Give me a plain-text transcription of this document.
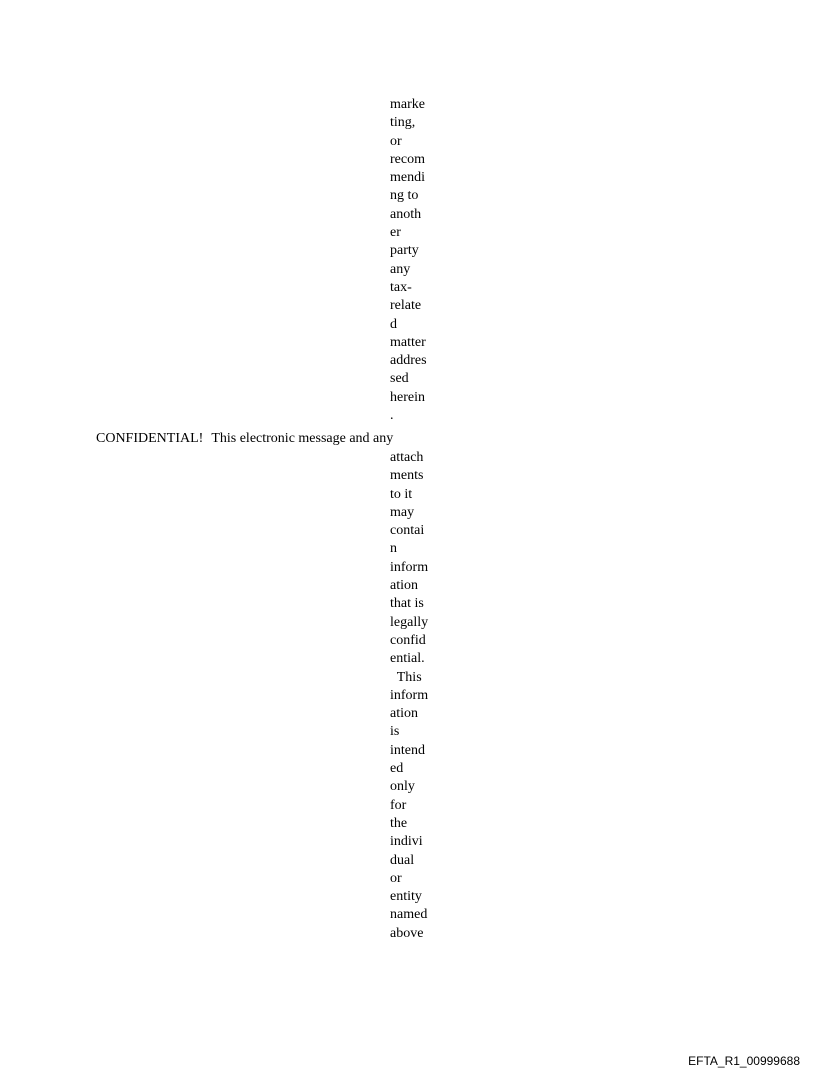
marke
ting,
or
recom
mendi
ng to
anoth
er
party
any
tax-
relate
d
matter
addres
sed
herein
.
CONFIDENTIAL! This electronic message and any
attach
ments
to it
may
contai
n
inform
ation
that is
legally
confid
ential.
This
inform
ation
is
intend
ed
only
for
the
indivi
dual
or
entity
named
above
EFTA_R1_00999688
